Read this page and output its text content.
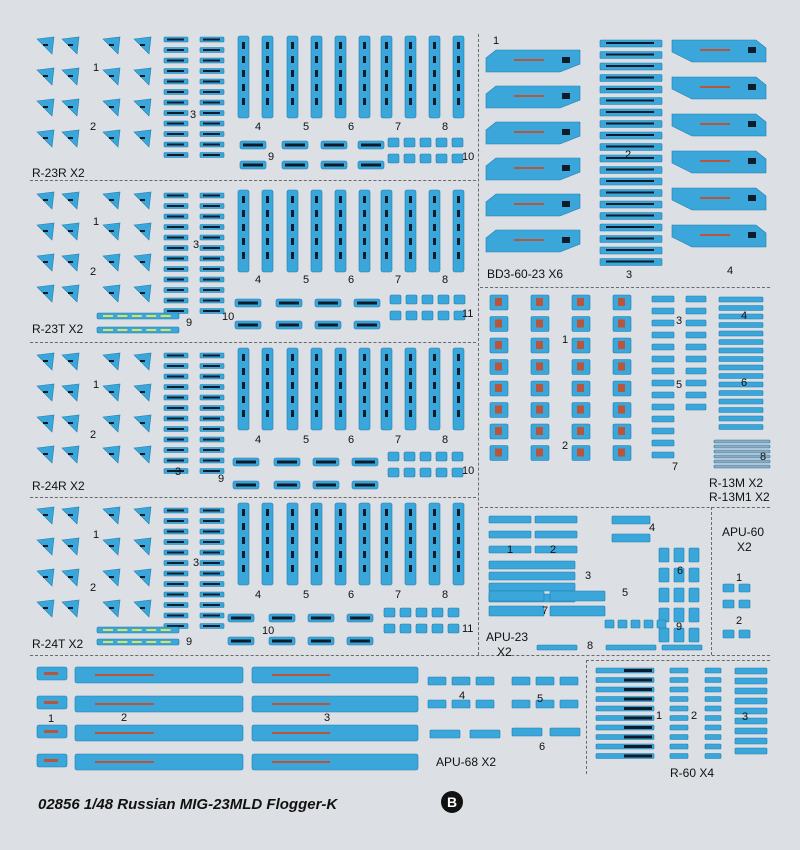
R-23R X2
1
2
3
4	5	6	7	8
9	10
R-23T X2
1
2
3
4	5	6	7	8
9	10	11
R-24R X2
1
2
3
4	5	6	7	8
9
10
R-24T X2
1
2
3
4	5	6	7	8
9
10	11
BD3-60-23 X6
1
2
3	4
R-13M X2
R-13M1 X2
1
2
3	4
5	6
7
8
APU-23
X2
1	2
3
4
5
6
7
8
9
APU-60
X2
1
2
1	2	3
APU-68 X2
4	5
6
R-60 X4
1	2	3
02856 1/48 Russian MIG-23MLD Flogger-K	B
